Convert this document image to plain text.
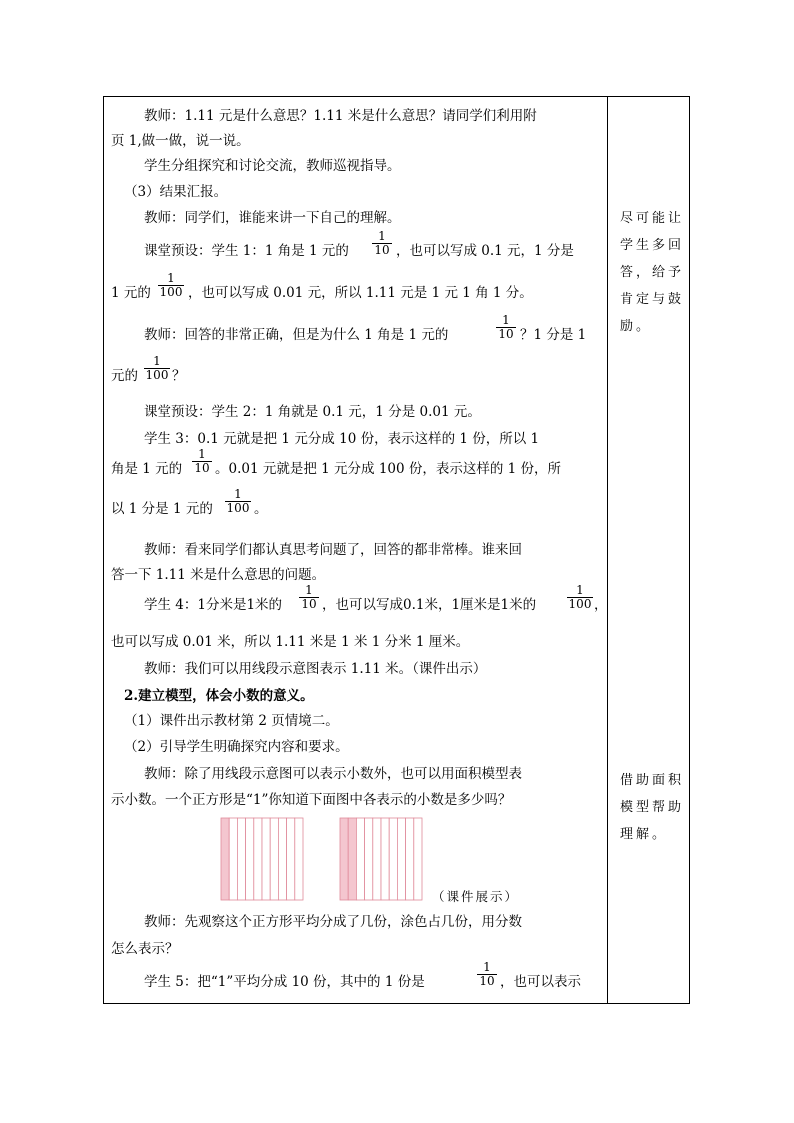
教师：1.11 元是什么意思？1.11 米是什么意思？请同学们利用附
页 1,做一做，说一说。
学生分组探究和讨论交流，教师巡视指导。
（3）结果汇报。
教师：同学们，谁能来讲一下自己的理解。
课堂预设：学生 1：1 角是 1 元的
1
10 ，也可以写成 0.1 元，1 分是
1 元的
1
100 ，也可以写成 0.01 元，所以 1.11 元是 1 元 1 角 1 分。
教师：回答的非常正确，但是为什么 1 角是 1 元的
1
10 ？1 分是 1
元的
1
100 ？
课堂预设：学生 2：1 角就是 0.1 元，1 分是 0.01 元。
学生 3：0.1 元就是把 1 元分成 10 份，表示这样的 1 份，所以 1
角是 1 元的
1
10 。0.01 元就是把 1 元分成 100 份，表示这样的 1 份，所
以 1 分是 1 元的
1
100 。
教师：看来同学们都认真思考问题了，回答的都非常棒。谁来回
答一下 1.11 米是什么意思的问题。
学生 4：1分米是1米的
1
10 ，也可以写成0.1米，1厘米是1米的
1
100 ，
也可以写成 0.01 米，所以 1.11 米是 1 米 1 分米 1 厘米。
教师：我们可以用线段示意图表示 1.11 米。（课件出示）
2.建立模型，体会小数的意义。
（1）课件出示教材第 2 页情境二。
（2）引导学生明确探究内容和要求。
教师：除了用线段示意图可以表示小数外，也可以用面积模型表
示小数。一个正方形是“1”你知道下面图中各表示的小数是多少吗？
（课件展示）
教师：先观察这个正方形平均分成了几份，涂色占几份，用分数
怎么表示？
学生 5：把“1”平均分成 10 份，其中的 1 份是
1
10 ，也可以表示
尽可能让
学生多回
答，给予
肯定与鼓
励。
借助面积
模型帮助
理解。
